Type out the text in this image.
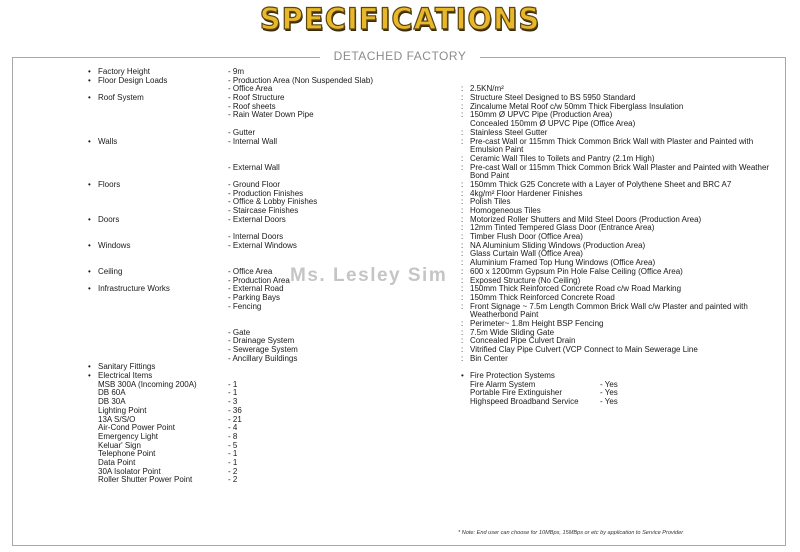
SPECIFICATIONS
DETACHED FACTORY
• Factory Height	- 9m
• Floor Design Loads	- Production Area (Non Suspended Slab)
- Office Area	: 2.5KN/m²
• Roof System	- Roof Structure	: Structure Steel Designed to BS 5950 Standard
- Roof sheets	: Zincalume Metal Roof c/w 50mm Thick Fiberglass Insulation
- Rain Water Down Pipe	: 150mm Ø UPVC Pipe (Production Area)
Concealed 150mm Ø UPVC Pipe (Office Area)
- Gutter	: Stainless Steel Gutter
• Walls	- Internal Wall	: Pre-cast Wall or 115mm Thick Common Brick Wall with Plaster and Painted with
Emulsion Paint
: Ceramic Wall Tiles to Toilets and Pantry (2.1m High)
- External Wall	: Pre-cast Wall or 115mm Thick Common Brick Wall Plaster and Painted with Weather
Bond Paint
• Floors	- Ground Floor	: 150mm Thick G25 Concrete with a Layer of Polythene Sheet and BRC A7
- Production Finishes	: 4kg/m² Floor Hardener Finishes
- Office & Lobby Finishes	: Polish Tiles
- Staircase Finishes	: Homogeneous Tiles
• Doors	- External Doors	: Motorized Roller Shutters and Mild Steel Doors (Production Area)
: 12mm Tinted Tempered Glass Door (Entrance Area)
- Internal Doors	: Timber Flush Door (Office Area)
• Windows	- External Windows	: NA Aluminium Sliding Windows (Production Area)
: Glass Curtain Wall (Office Area)
: Aluminium Framed Top Hung Windows (Office Area)
• Ceiling	- Office Area	: 600 x 1200mm Gypsum Pin Hole False Ceiling (Office Area)
- Production Area	: Exposed Structure (No Ceiling)
• Infrastructure Works	- External Road	: 150mm Thick Reinforced Concrete Road c/w Road Marking
- Parking Bays	: 150mm Thick Reinforced Concrete Road
- Fencing	: Front Signage ~ 7.5m Length Common Brick Wall c/w Plaster and painted with
Weatherbond Paint
: Perimeter~ 1.8m Height BSP Fencing
- Gate	: 7.5m Wide Sliding Gate
- Drainage System	: Concealed Pipe Culvert Drain
- Sewerage System	: Vitrified Clay Pipe Culvert (VCP Connect to Main Sewerage Line
- Ancillary Buildings	: Bin Center
• Sanitary Fittings
• Electrical Items	• Fire Protection Systems
MSB 300A (Incoming 200A)	- 1	Fire Alarm System	- Yes
DB 60A	- 1	Portable Fire Extinguisher	- Yes
DB 30A	- 3	Highspeed Broadband Service	- Yes
Lighting Point	- 36
13A S/S/O	- 21
Air-Cond Power Point	- 4
Emergency Light	- 8
Keluar' Sign	- 5
Telephone Point	- 1
Data Point	- 1
30A Isolator Point	- 2
Roller Shutter Power Point	- 2
Ms. Lesley Sim
* Note: End user can choose for 10MBps, 15MBps or etc by application to Service Provider
